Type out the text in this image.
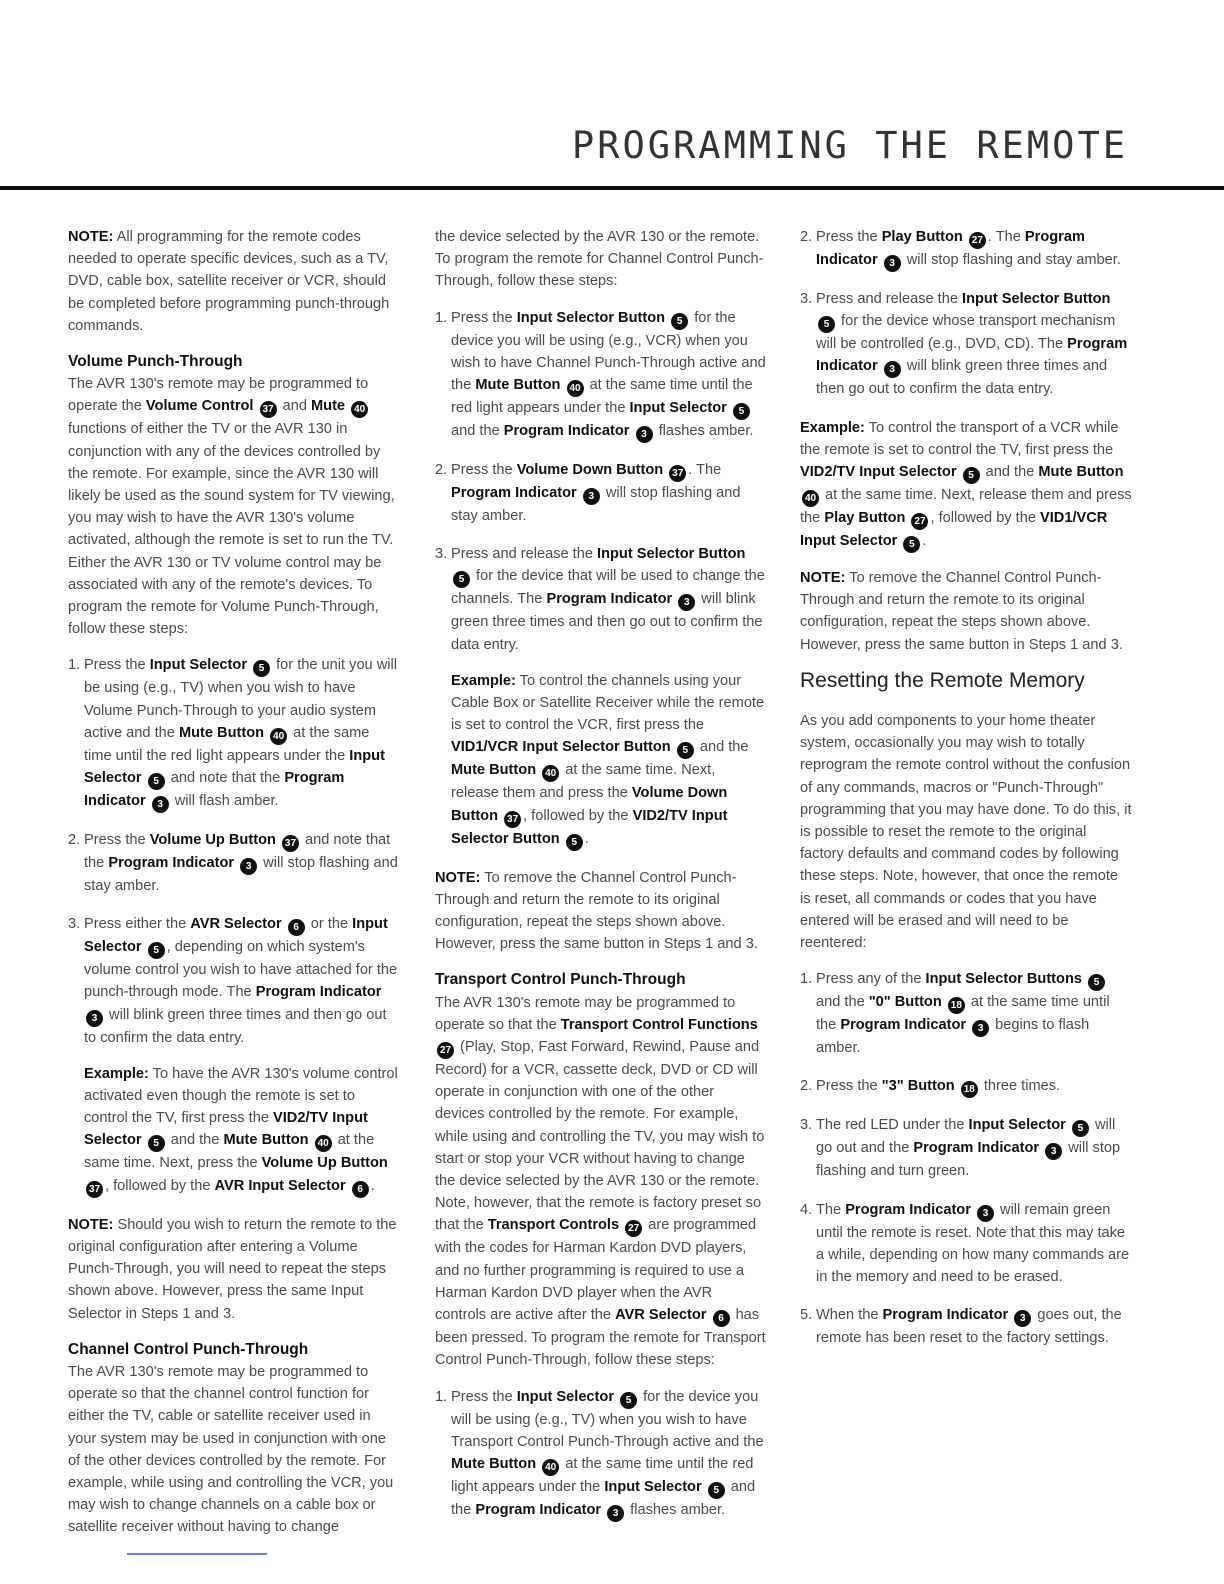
PROGRAMMING THE REMOTE

NOTE: All programming for the remote codes needed to operate specific devices, such as a TV, DVD, cable box, satellite receiver or VCR, should be completed before programming punch-through commands.

Volume Punch-Through

The AVR 130's remote may be programmed to operate the Volume Control 37 and Mute 40 functions of either the TV or the AVR 130 in conjunction with any of the devices controlled by the remote. For example, since the AVR 130 will likely be used as the sound system for TV viewing, you may wish to have the AVR 130's volume activated, although the remote is set to run the TV. Either the AVR 130 or TV volume control may be associated with any of the remote's devices. To program the remote for Volume Punch-Through, follow these steps:

1. Press the Input Selector 5 for the unit you will be using (e.g., TV) when you wish to have Volume Punch-Through to your audio system active and the Mute Button 40 at the same time until the red light appears under the Input Selector 5 and note that the Program Indicator 3 will flash amber.
2. Press the Volume Up Button 37 and note that the Program Indicator 3 will stop flashing and stay amber.
3. Press either the AVR Selector 6 or the Input Selector 5 , depending on which system's volume control you wish to have attached for the punch-through mode. The Program Indicator 3 will blink green three times and then go out to confirm the data entry.

Example: To have the AVR 130's volume control activated even though the remote is set to control the TV, first press the VID2/TV Input Selector 5 and the Mute Button 40 at the same time. Next, press the Volume Up Button 37 , followed by the AVR Input Selector 6 .

NOTE: Should you wish to return the remote to the original configuration after entering a Volume Punch-Through, you will need to repeat the steps shown above. However, press the same Input Selector in Steps 1 and 3.

Channel Control Punch-Through

The AVR 130's remote may be programmed to operate so that the channel control function for either the TV, cable or satellite receiver used in your system may be used in conjunction with one of the other devices controlled by the remote. For example, while using and controlling the VCR, you may wish to change channels on a cable box or satellite receiver without having to change

the device selected by the AVR 130 or the remote. To program the remote for Channel Control Punch-Through, follow these steps:

1. Press the Input Selector Button 5 for the device you will be using (e.g., VCR) when you wish to have Channel Punch-Through active and the Mute Button 40 at the same time until the red light appears under the Input Selector 5 and the Program Indicator 3 flashes amber.
2. Press the Volume Down Button 37 . The Program Indicator 3 will stop flashing and stay amber.
3. Press and release the Input Selector Button 5 for the device that will be used to change the channels. The Program Indicator 3 will blink green three times and then go out to confirm the data entry.

Example: To control the channels using your Cable Box or Satellite Receiver while the remote is set to control the VCR, first press the VID1/VCR Input Selector Button 5 and the Mute Button 40 at the same time. Next, release them and press the Volume Down Button 37 , followed by the VID2/TV Input Selector Button 5 .

NOTE: To remove the Channel Control Punch-Through and return the remote to its original configuration, repeat the steps shown above. However, press the same button in Steps 1 and 3.

Transport Control Punch-Through

The AVR 130's remote may be programmed to operate so that the Transport Control Functions 27 (Play, Stop, Fast Forward, Rewind, Pause and Record) for a VCR, cassette deck, DVD or CD will operate in conjunction with one of the other devices controlled by the remote. For example, while using and controlling the TV, you may wish to start or stop your VCR without having to change the device selected by the AVR 130 or the remote. Note, however, that the remote is factory preset so that the Transport Controls 27 are programmed with the codes for Harman Kardon DVD players, and no further programming is required to use a Harman Kardon DVD player when the AVR controls are active after the AVR Selector 6 has been pressed. To program the remote for Transport Control Punch-Through, follow these steps:

1. Press the Input Selector 5 for the device you will be using (e.g., TV) when you wish to have Transport Control Punch-Through active and the Mute Button 40 at the same time until the red light appears under the Input Selector 5 and the Program Indicator 3 flashes amber.
2. Press the Play Button 27 . The Program Indicator 3 will stop flashing and stay amber.
3. Press and release the Input Selector Button 5 for the device whose transport mechanism will be controlled (e.g., DVD, CD). The Program Indicator 3 will blink green three times and then go out to confirm the data entry.

Example: To control the transport of a VCR while the remote is set to control the TV, first press the VID2/TV Input Selector 5 and the Mute Button 40 at the same time. Next, release them and press the Play Button 27 , followed by the VID1/VCR Input Selector 5 .

NOTE: To remove the Channel Control Punch-Through and return the remote to its original configuration, repeat the steps shown above. However, press the same button in Steps 1 and 3.

Resetting the Remote Memory

As you add components to your home theater system, occasionally you may wish to totally reprogram the remote control without the confusion of any commands, macros or "Punch-Through" programming that you may have done. To do this, it is possible to reset the remote to the original factory defaults and command codes by following these steps. Note, however, that once the remote is reset, all commands or codes that you have entered will be erased and will need to be reentered:

1. Press any of the Input Selector Buttons 5 and the "0" Button 18 at the same time until the Program Indicator 3 begins to flash amber.
2. Press the "3" Button 18 three times.
3. The red LED under the Input Selector 5 will go out and the Program Indicator 3 will stop flashing and turn green.
4. The Program Indicator 3 will remain green until the remote is reset. Note that this may take a while, depending on how many commands are in the memory and need to be erased.
5. When the Program Indicator 3 goes out, the remote has been reset to the factory settings.
